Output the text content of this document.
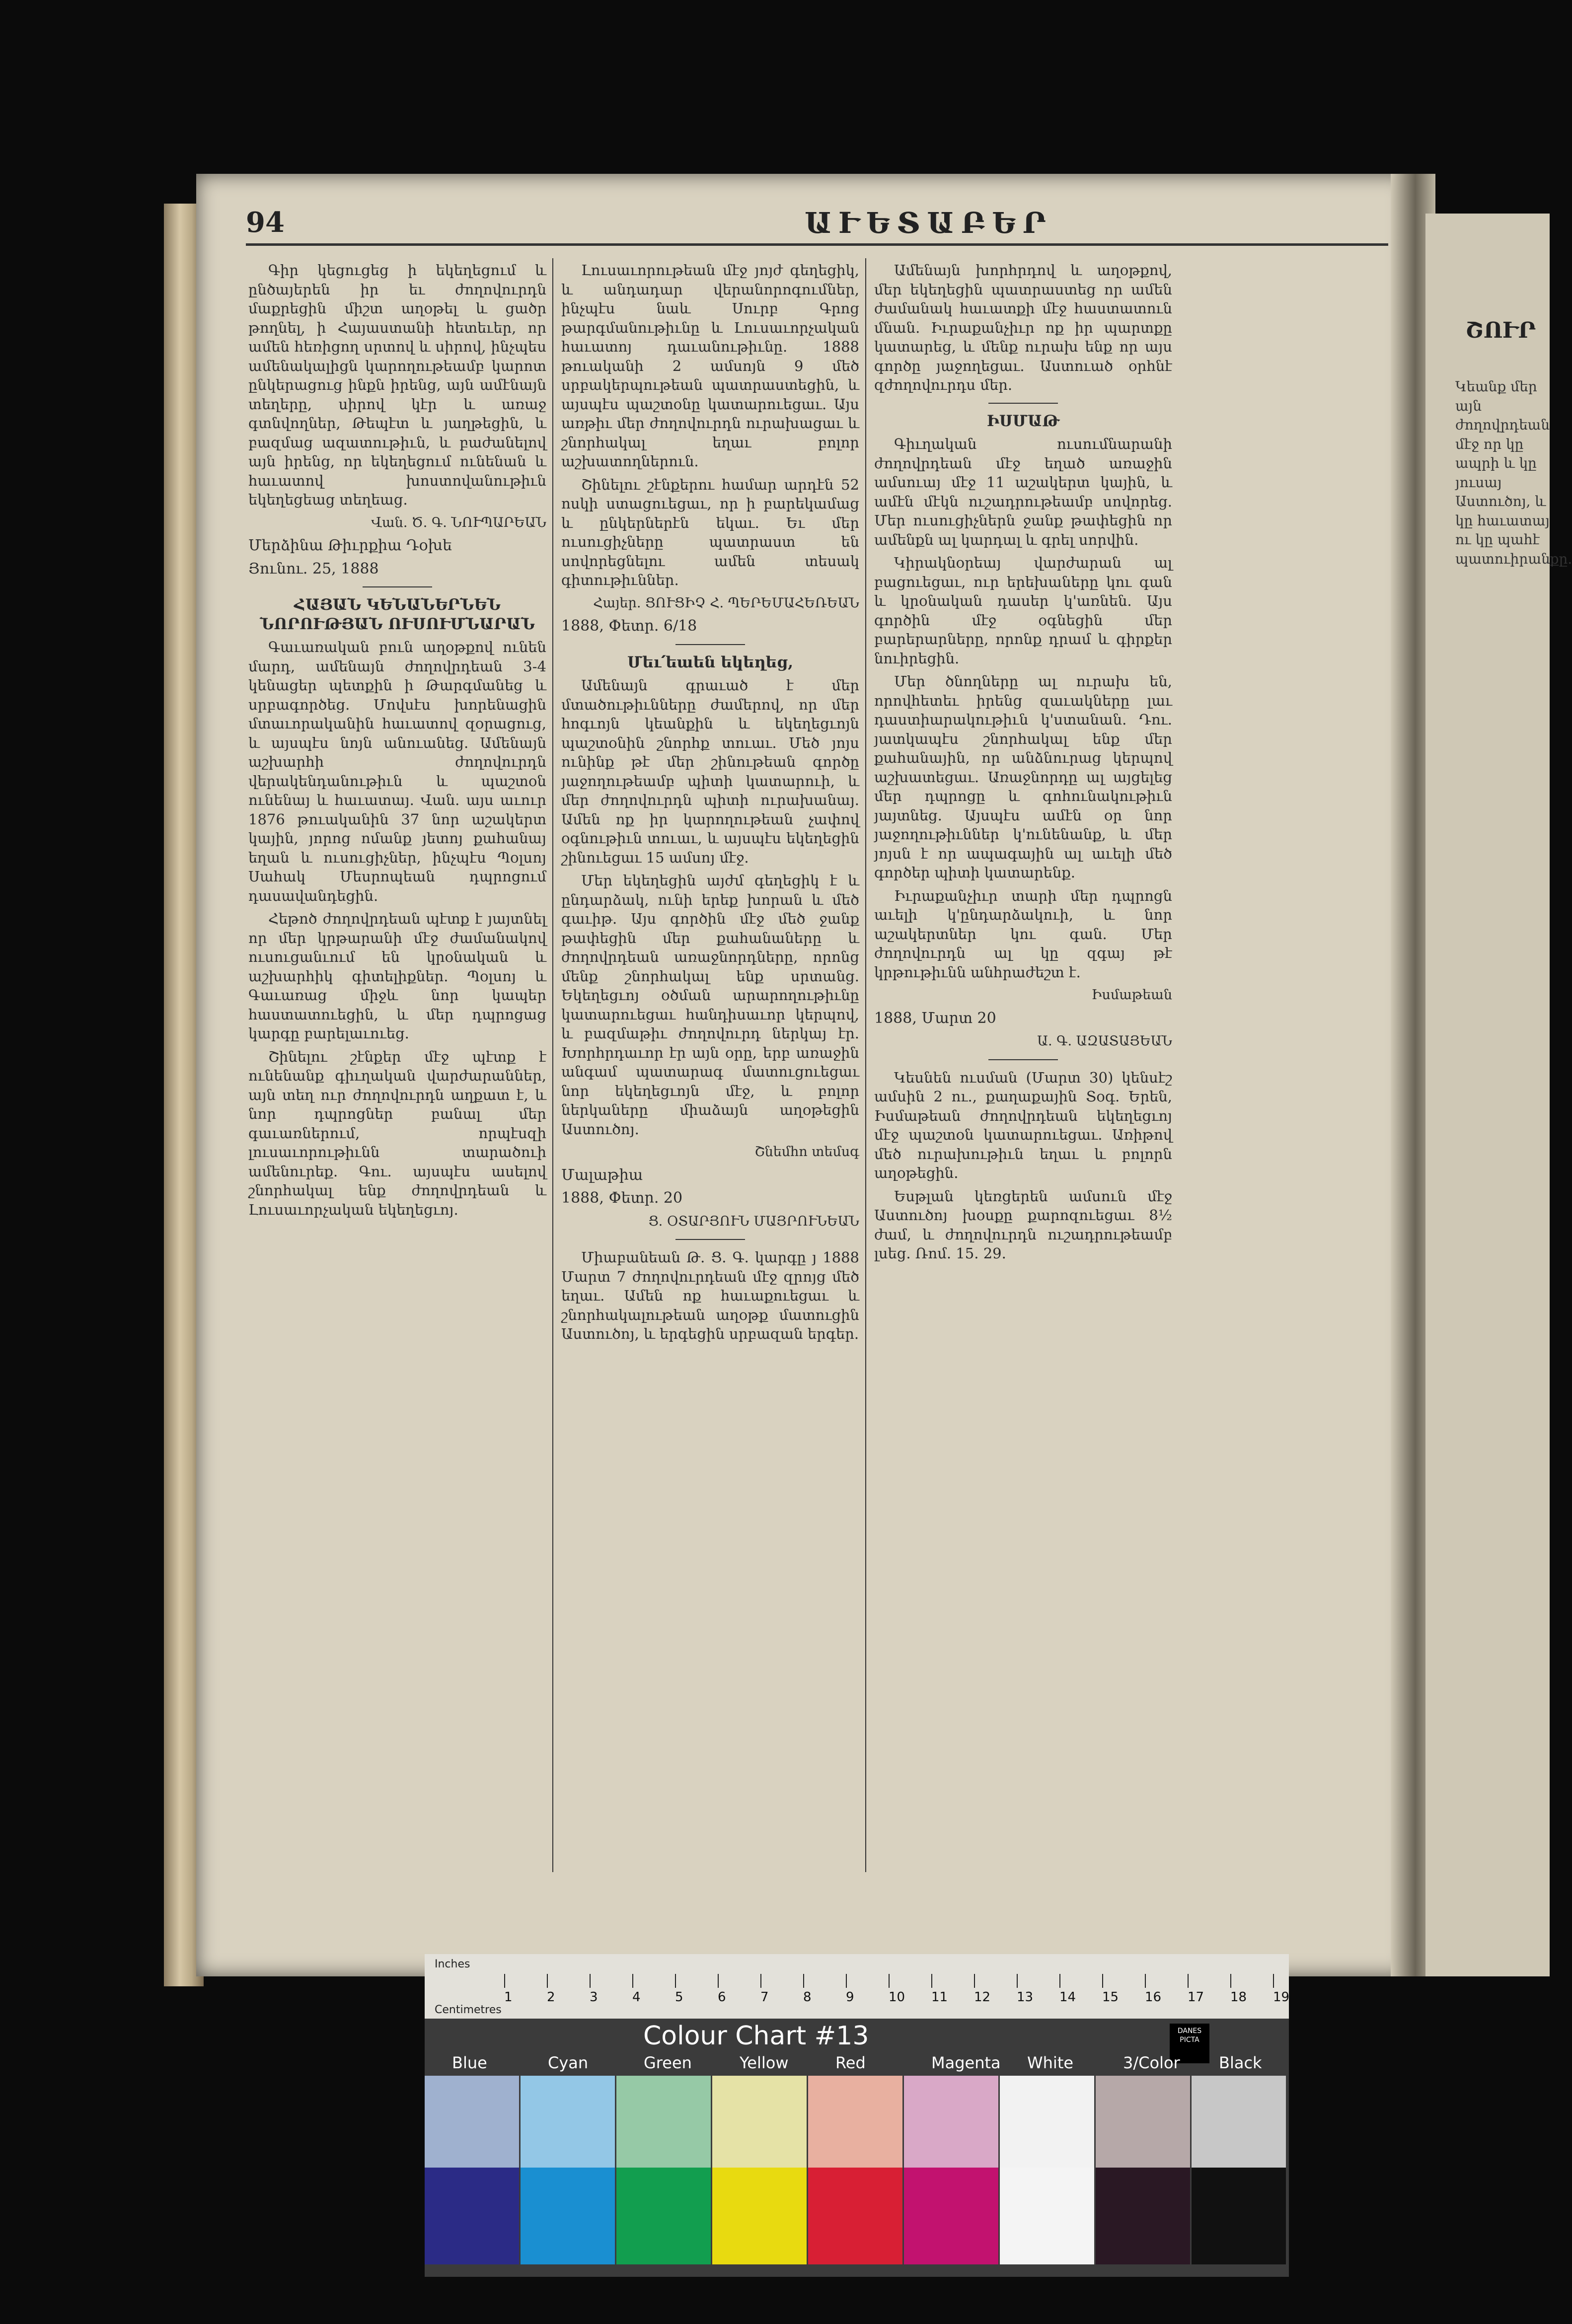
94	ԱՒԵՏԱԲԵՐ

Գիր կեցուցեց ի եկեղեցում և ընծայերեն իր եւ ժողովուրդն մաքրեցին միշտ աղօթել և ցածր թողնել, ի Հայաստանի հետեւեր, որ ամեն հեռիցող սրտով և սիրով, ինչպես ամենակալիցն կարողութեամբ կարոտ ընկերացուց ինքն իրենց, այն ամէնայն տեղերը, սիրով կէր և առաջ գտնվողներ, Թեպէտ և յաղթեցին, և բազմաց ազատութիւն, և բաժանելով այն իրենց, որ եկեղեցում ունենան և հաւատով խոստովանութիւն եկեղեցեաց տեղեաց.

Վան. Ծ. Գ. ՆՈՒՊԱՐԵԱՆ

Մերձինա Թիւրքիա Դօխե

Յունու. 25, 1888

ՀԱՅԱՆ ԿԵՆԱՆԵՐՆԵՆ ՆՈՐՈՒԹՅԱՆ ՈՒՍՈՒՄՆԱՐԱՆ

Գաւառական բուն աղօթքով ունեն մարդ, ամենայն ժողովրդեան 3-4 կենացեր պետքին ի Թարգմանեց և սրբագործեց. Մովսէս խորենացին մտաւորականին հաւատով զօրացուց, և այսպէս նոյն անուանեց. Ամենայն աշխարհի ժողովուրդն վերակենդանութիւն և պաշտօն ունենայ և հաւատայ. Վան. այս աւուր 1876 թուականին 37 նոր աշակերտ կային, յորոց ոմանք յետոյ քահանայ եղան և ուսուցիչներ, ինչպէս Պօլսոյ Սահակ Մեսրոպեան դպրոցում դասավանդեցին.

Հեթոծ ժողովրդեան պէտք է յայտնել որ մեր կրթարանի մէջ ժամանակով ուսուցանւում են կրօնական և աշխարհիկ գիտելիքներ. Պօլսոյ և Գաւառաց միջև նոր կապեր հաստատուեցին, և մեր դպրոցաց կարգը բարելաւուեց.

Շինելու շէնքեր մէջ պէտք է ունենանք գիւղական վարժարաններ, այն տեղ ուր ժողովուրդն աղքատ է, և նոր դպրոցներ բանալ մեր գաւառներում, որպէսզի լուսաւորութիւնն տարածուի ամենուրեք. Գու. այսպէս ասելով շնորհակալ ենք ժողովրդեան և Լուսաւորչական եկեղեցւոյ.

Լուսաւորութեան մէջ յոյժ գեղեցիկ, և անդադար վերանորոգումներ, ինչպէս նաև Սուրբ Գրոց թարգմանութիւնը և Լուսաւորչական հաւատոյ դաւանութիւնը. 1888 թուականի 2 ամսոյն 9 մեծ սրբակերպութեան պատրաստեցին, և այսպէս պաշտօնը կատարուեցաւ. Այս առթիւ մեր ժողովուրդն ուրախացաւ և շնորհակալ եղաւ բոլոր աշխատողներուն.

Շինելու շէնքերու համար արդէն 52 ոսկի ստացուեցաւ, որ ի բարեկամաց և ընկերներէն եկաւ. Եւ մեր ուսուցիչները պատրաստ են սովորեցնելու ամեն տեսակ գիտութիւններ.

Հայեր. ՑՈՒՑԻՉ Հ. ՊԵՐԵՄԱՀԵՌԵԱՆ

1888, Փետր. 6/18

Մեւ՛եաեն եկեղեց,

Ամենայն գրաւած է մեր մտածութիւնները ժամերով, որ մեր հոգւոյն կեանքին և եկեղեցւոյն պաշտօնին շնորհք տուաւ. Մեծ յոյս ունինք թէ մեր շինութեան գործը յաջողութեամբ պիտի կատարուի, և մեր ժողովուրդն պիտի ուրախանայ. Ամեն ոք իր կարողութեան չափով օգնութիւն տուաւ, և այսպէս եկեղեցին շինուեցաւ 15 ամսոյ մէջ.

Մեր եկեղեցին այժմ գեղեցիկ է և ընդարձակ, ունի երեք խորան և մեծ գաւիթ. Այս գործին մէջ մեծ ջանք թափեցին մեր քահանաները և ժողովրդեան առաջնորդները, որոնց մենք շնորհակալ ենք սրտանց. Եկեղեցւոյ օծման արարողութիւնը կատարուեցաւ հանդիսաւոր կերպով, և բազմաթիւ ժողովուրդ ներկայ էր. Խորհրդաւոր էր այն օրը, երբ առաջին անգամ պատարագ մատուցուեցաւ նոր եկեղեցւոյն մէջ, և բոլոր ներկաները միաձայն աղօթեցին Աստուծոյ.

Շնեմհո տեմսգ

Մալաթիա

1888, Փետր. 20

Ց. ՕՏԱՐՅՈՒՆ ՄԱՅՐՈՒՆԵԱՆ

Միաբանեան Թ. Ց. Գ. կարգը յ 1888 Մարտ 7 ժողովուրդեան մէջ զրոյց մեծ եղաւ. Ամեն ոք հաւաքուեցաւ և շնորհակալութեան աղօթք մատուցին Աստուծոյ, և երգեցին սրբազան երգեր.

Ամենայն խորհրդով և աղօթքով, մեր եկեղեցին պատրաստեց որ ամեն ժամանակ հաւատքի մէջ հաստատուն մնան. Իւրաքանչիւր ոք իր պարտքը կատարեց, և մենք ուրախ ենք որ այս գործը յաջողեցաւ. Աստուած օրհնէ զժողովուրդս մեր.

ԻՍՄԱԹ

Գիւղական ուսումնարանի ժողովրդեան մէջ եղած առաջին ամսուայ մէջ 11 աշակերտ կային, և ամէն մէկն ուշադրութեամբ սովորեց. Մեր ուսուցիչներն ջանք թափեցին որ ամենքն ալ կարդալ և գրել սորվին.

Կիրակնօրեայ վարժարան ալ բացուեցաւ, ուր երեխաները կու գան և կրօնական դասեր կ'առնեն. Այս գործին մէջ օգնեցին մեր բարերարները, որոնք դրամ և գիրքեր նուիրեցին.

Մեր ծնողները ալ ուրախ են, որովհետեւ իրենց զաւակները լաւ դաստիարակութիւն կ'ստանան. Դու. յատկապէս շնորհակալ ենք մեր քահանային, որ անձնուրաց կերպով աշխատեցաւ. Առաջնորդը ալ այցելեց մեր դպրոցը և գոհունակութիւն յայտնեց. Այսպէս ամէն օր նոր յաջողութիւններ կ'ունենանք, և մեր յոյսն է որ ապագային ալ աւելի մեծ գործեր պիտի կատարենք.

Իւրաքանչիւր տարի մեր դպրոցն աւելի կ'ընդարձակուի, և նոր աշակերտներ կու գան. Մեր ժողովուրդն ալ կը զգայ թէ կրթութիւնն անհրաժեշտ է.

Իսմաթեան

1888, Մարտ 20

Ա. Գ. ԱԶԱՏԱՅԵԱՆ

Կեսնեն ուսման (Մարտ 30) կենսէշ ամսին 2 ու., քաղաքային Տօգ. Երեն, Իսմաթեան ժողովրդեան եկեղեցւոյ մէջ պաշտօն կատարուեցաւ. Առիթով մեծ ուրախութիւն եղաւ և բոլորն աղօթեցին.

Եսթլան կեռցերեն ամսուն մէջ Աստուծոյ խօսքը քարոզուեցաւ 8½ ժամ, և ժողովուրդն ուշադրութեամբ լսեց. Ռոմ. 15. 29.

ՇՈՒՐ
Կեանք մեր այն ժողովրդեան մէջ որ կը ապրի և կը յուսայ Աստուծոյ, և կը հաւատայ ու կը պահէ պատուիրանքը.
Inches
Centimetres
1	2	3	4	5	6	7	8	9	10 11 12 13 14 15 16 17 18 19
Colour Chart #13	DANES PICTA
Blue	Cyan	Green	Yellow	Red	Magenta White	3/Color Black
